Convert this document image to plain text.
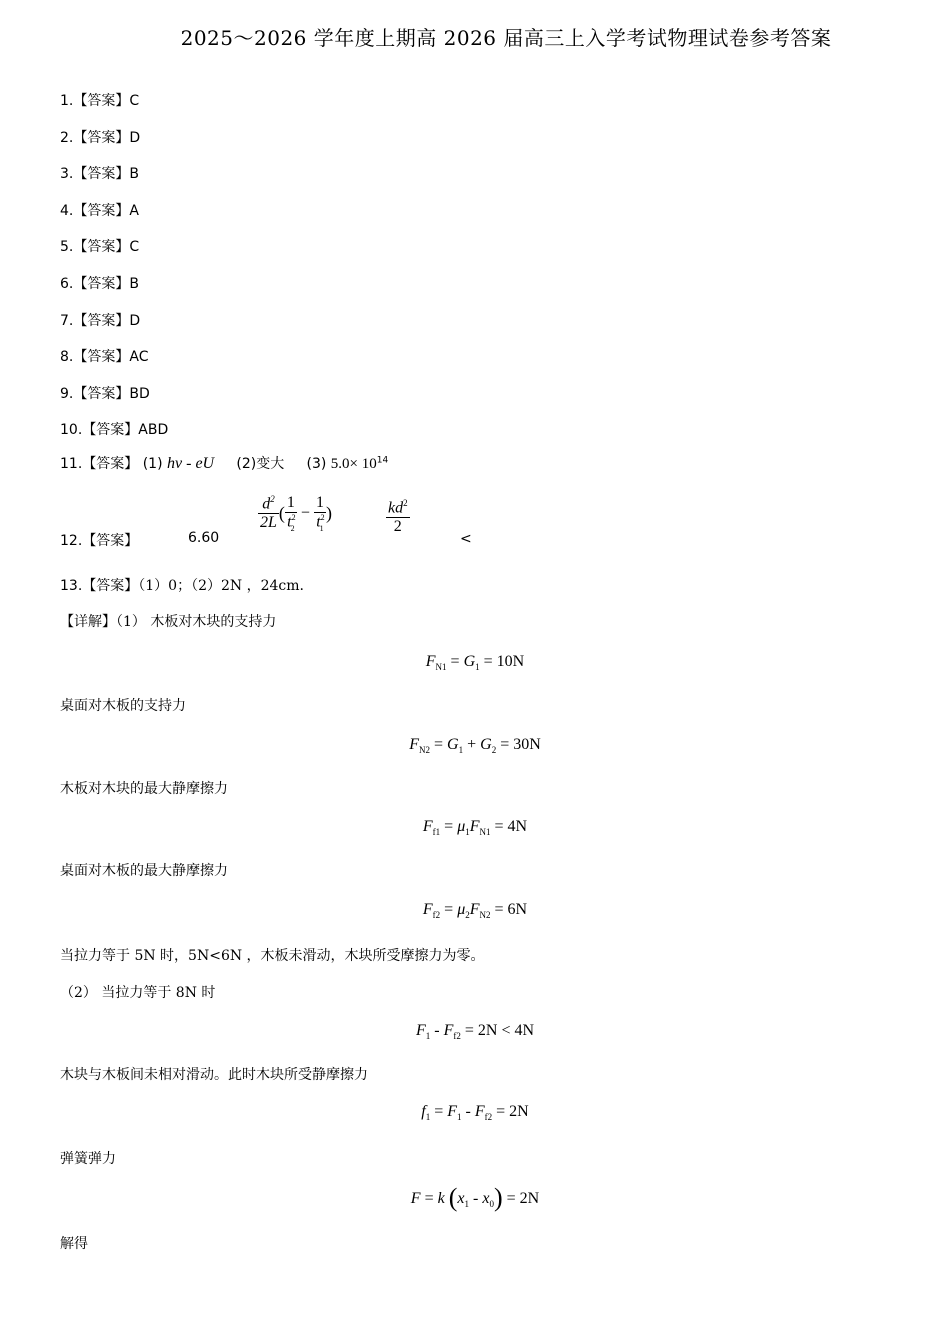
2025～2026 学年度上期高 2026 届高三上入学考试物理试卷参考答案
1.【答案】C
2.【答案】D
3.【答案】B
4.【答案】A
5.【答案】C
6.【答案】B
7.【答案】D
8.【答案】AC
9.【答案】BD
10.【答案】ABD
11.【答案】 (1) hv - eU (2)变大 (3) $5.0\times 10^{14}$
12.【答案】	6.60
$\frac{d^2}{2L}$ ( $\frac{1}{t^2_2} - \frac{1}{t^2_1}$ )	$\frac{kd^2}{2}$
<
13.【答案】（1）0；（2）2N ，24cm.
【详解】（1） 木板对木块的支持力
$F_{N1} = G_1 = 10N$
桌面对木板的支持力
$F_{N2} = G_1 + G_2 = 30N$
木板对木块的最大静摩擦力
$F_{f1} = \mu_1F_{N1} = 4N$
桌面对木板的最大静摩擦力
$F_{f2} = \mu_2F_{N2} = 6N$
当拉力等于 5N 时，5N<6N ，木板未滑动，木块所受摩擦力为零。
（2） 当拉力等于 8N 时
$F_1 - F_{f2} = 2N < 4N$
木块与木板间未相对滑动。此时木块所受静摩擦力
$f_1 = F_1 - F_{f2} = 2N$
弹簧弹力
F = k $(x_1 - x_0) = 2N$
解得
